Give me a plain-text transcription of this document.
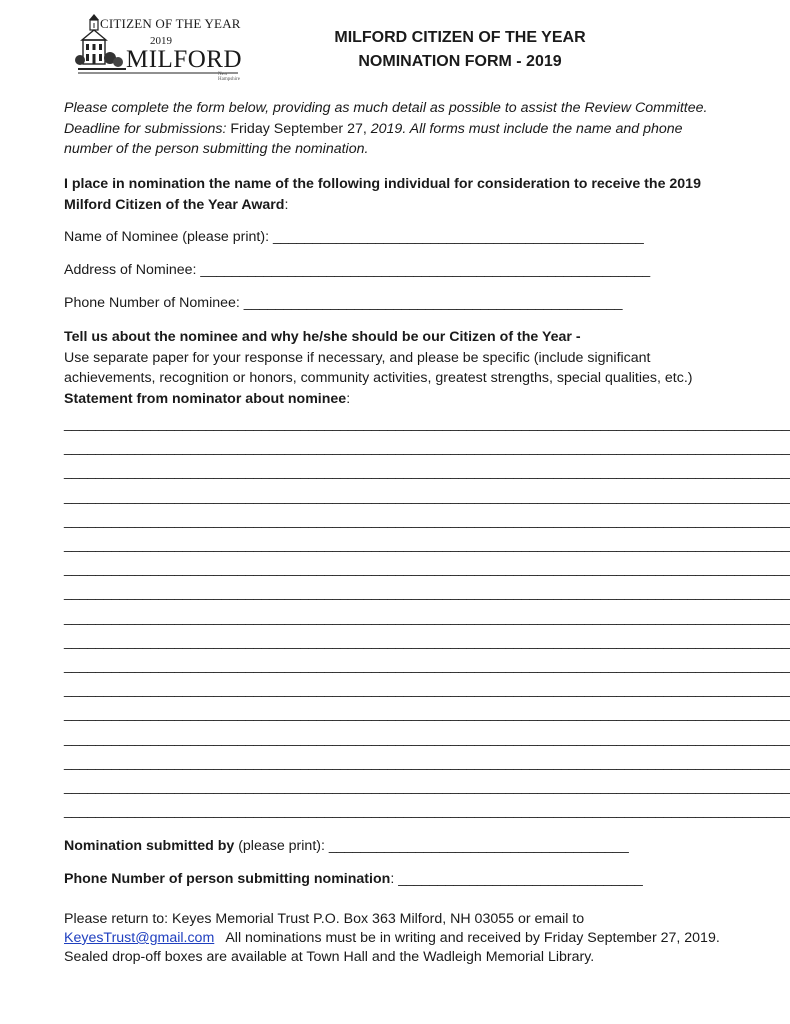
CITIZEN OF THE YEAR
2019
MILFORD
New Hampshire
MILFORD CITIZEN OF THE YEAR
NOMINATION FORM - 2019
Please complete the form below, providing as much detail as possible to assist the Review Committee. Deadline for submissions: Friday September 27, 2019. All forms must include the name and phone number of the person submitting the nomination.
I place in nomination the name of the following individual for consideration to receive the 2019 Milford Citizen of the Year Award:
Name of Nominee (please print): _______________________________________________
Address of Nominee: _________________________________________________________
Phone Number of Nominee: ________________________________________________
Tell us about the nominee and why he/she should be our Citizen of the Year -
Use separate paper for your response if necessary, and please be specific (include significant achievements, recognition or honors, community activities, greatest strengths, special qualities, etc.) Statement from nominator about nominee:
____________________________________________________________________________________________
____________________________________________________________________________________________
____________________________________________________________________________________________
____________________________________________________________________________________________
____________________________________________________________________________________________
____________________________________________________________________________________________
____________________________________________________________________________________________
____________________________________________________________________________________________
____________________________________________________________________________________________
____________________________________________________________________________________________
____________________________________________________________________________________________
____________________________________________________________________________________________
____________________________________________________________________________________________
____________________________________________________________________________________________
____________________________________________________________________________________________
____________________________________________________________________________________________
____________________________________________________________________________________________
Nomination submitted by (please print): ______________________________________
Phone Number of person submitting nomination: _______________________________
Please return to: Keyes Memorial Trust P.O. Box 363 Milford, NH 03055 or email to
KeyesTrust@gmail.com   All nominations must be in writing and received by Friday September 27, 2019. Sealed drop-off boxes are available at Town Hall and the Wadleigh Memorial Library.
